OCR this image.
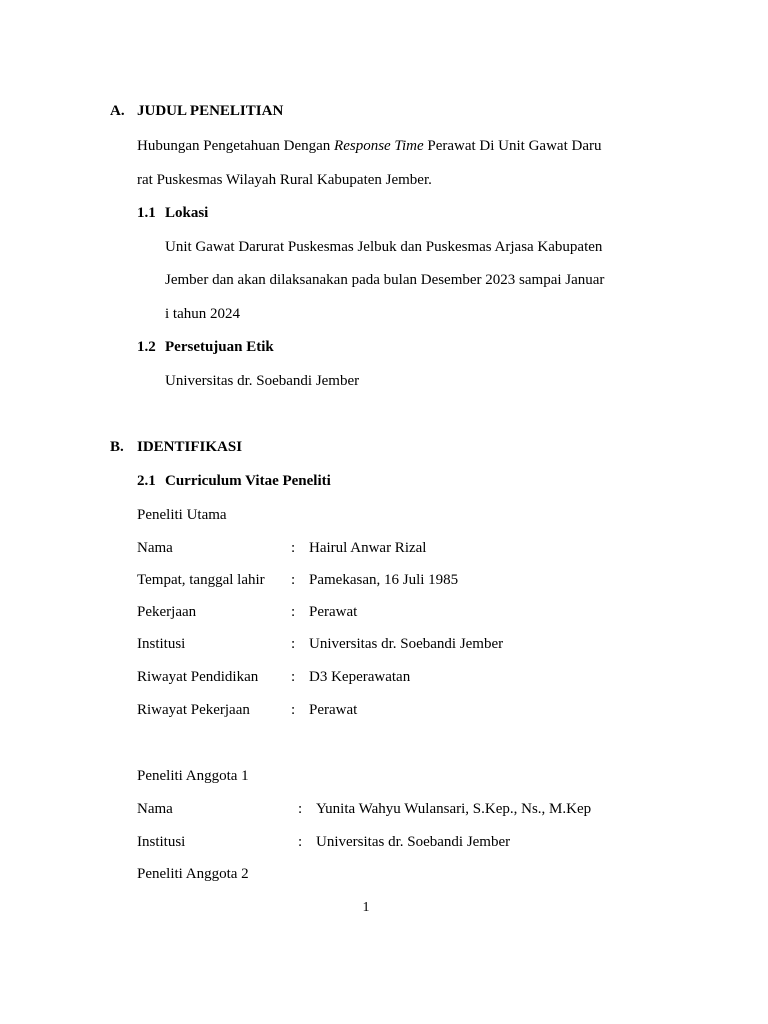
A. JUDUL PENELITIAN
Hubungan Pengetahuan Dengan Response Time Perawat Di Unit Gawat Daru
rat Puskesmas Wilayah Rural Kabupaten Jember.
1.1 Lokasi
Unit Gawat Darurat Puskesmas Jelbuk dan Puskesmas Arjasa Kabupaten
Jember dan akan dilaksanakan pada bulan Desember 2023 sampai Januar
i tahun 2024
1.2 Persetujuan Etik
Universitas dr. Soebandi Jember
B. IDENTIFIKASI
2.1 Curriculum Vitae Peneliti
Peneliti Utama
Nama	: Hairul Anwar Rizal
Tempat, tanggal lahir : Pamekasan, 16 Juli 1985
Pekerjaan	: Perawat
Institusi	: Universitas dr. Soebandi Jember
Riwayat Pendidikan : D3 Keperawatan
Riwayat Pekerjaan	: Perawat
Peneliti Anggota 1
Nama	: Yunita Wahyu Wulansari, S.Kep., Ns., M.Kep
Institusi	: Universitas dr. Soebandi Jember
Peneliti Anggota 2
1
